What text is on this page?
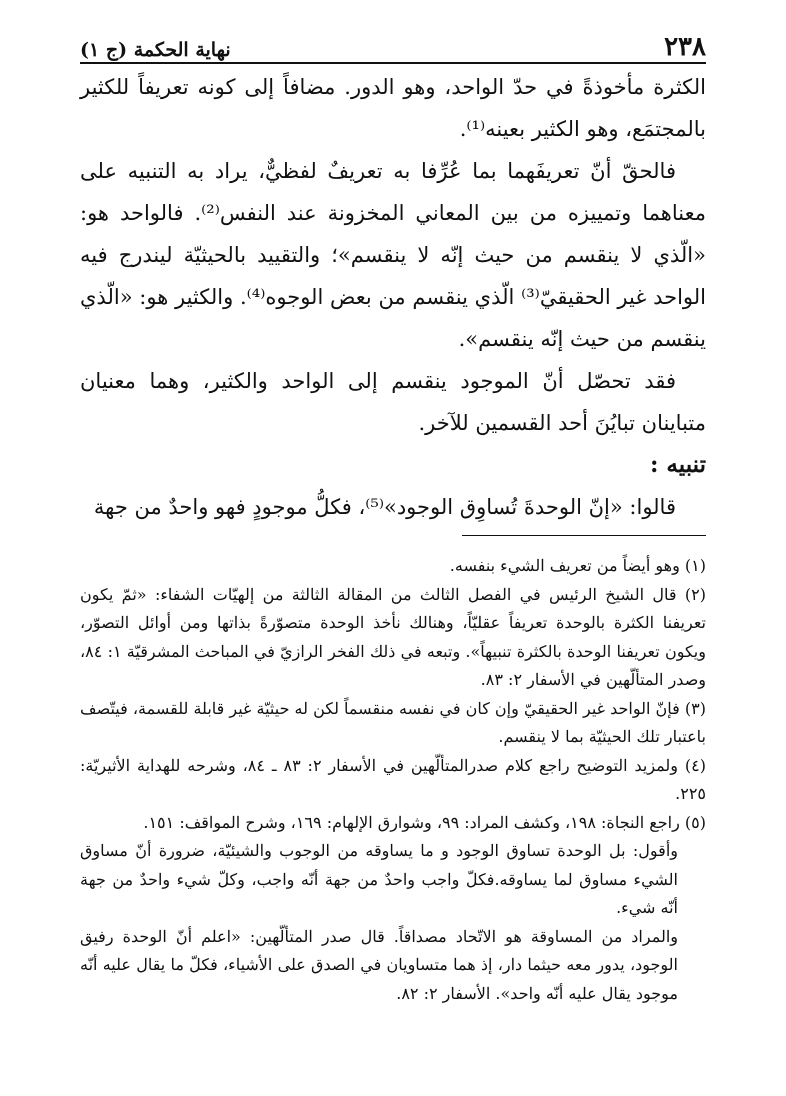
٢٣٨
نهاية الحكمة (ج ١)

الكثرة مأخوذةً في حدّ الواحد، وهو الدور. مضافاً إلى كونه تعريفاً للكثير بالمجتمَع، وهو الكثير بعينه⁽¹⁾.

فالحقّ أنّ تعريفَهما بما عُرِّفا به تعريفٌ لفظيٌّ، يراد به التنبيه على معناهما وتمييزه من بين المعاني المخزونة عند النفس⁽²⁾. فالواحد هو: «الّذي لا ينقسم من حيث إنّه لا ينقسم»؛ والتقييد بالحيثيّة ليندرج فيه الواحد غير الحقيقيّ⁽³⁾ الّذي ينقسم من بعض الوجوه⁽⁴⁾. والكثير هو: «الّذي ينقسم من حيث إنّه ينقسم».

فقد تحصّل أنّ الموجود ينقسم إلى الواحد والكثير، وهما معنيان متباينان تبايُنَ أحد القسمين للآخر.

تنبيه :

قالوا: «إنّ الوحدةَ تُساوِق الوجود»⁽⁵⁾، فكلُّ موجودٍ فهو واحدٌ من جهة

(١) وهو أيضاً من تعريف الشيء بنفسه.

(٢) قال الشيخ الرئيس في الفصل الثالث من المقالة الثالثة من إلهيّات الشفاء: «ثمّ يكون تعريفنا الكثرة بالوحدة تعريفاً عقليّاً، وهنالك نأخذ الوحدة متصوّرةً بذاتها ومن أوائل التصوّر، ويكون تعريفنا الوحدة بالكثرة تنبيهاً». وتبعه في ذلك الفخر الرازيّ في المباحث المشرقيّة ١: ٨٤، وصدر المتألّهين في الأسفار ٢: ٨٣.

(٣) فإنّ الواحد غير الحقيقيّ وإن كان في نفسه منقسماً لكن له حيثيّة غير قابلة للقسمة، فيتّصف باعتبار تلك الحيثيّة بما لا ينقسم.

(٤) ولمزيد التوضيح راجع كلام صدرالمتألّهين في الأسفار ٢: ٨٣ ـ ٨٤، وشرحه للهداية الأثيريّة: ٢٢٥.

(٥) راجع النجاة: ١٩٨، وكشف المراد: ٩٩، وشوارق الإلهام: ١٦٩، وشرح المواقف: ١٥١.

وأقول: بل الوحدة تساوق الوجود و ما يساوقه من الوجوب والشيئيّة، ضرورة أنّ مساوق الشيء مساوق لما يساوقه.فكلّ واجب واحدٌ من جهة أنّه واجب، وكلّ شيء واحدٌ من جهة أنّه شيء.

والمراد من المساوقة هو الاتّحاد مصداقاً. قال صدر المتألّهين: «اعلم أنّ الوحدة رفيق الوجود، يدور معه حيثما دار، إذ هما متساويان في الصدق على الأشياء، فكلّ ما يقال عليه أنّه موجود يقال عليه أنّه واحد». الأسفار ٢: ٨٢.
